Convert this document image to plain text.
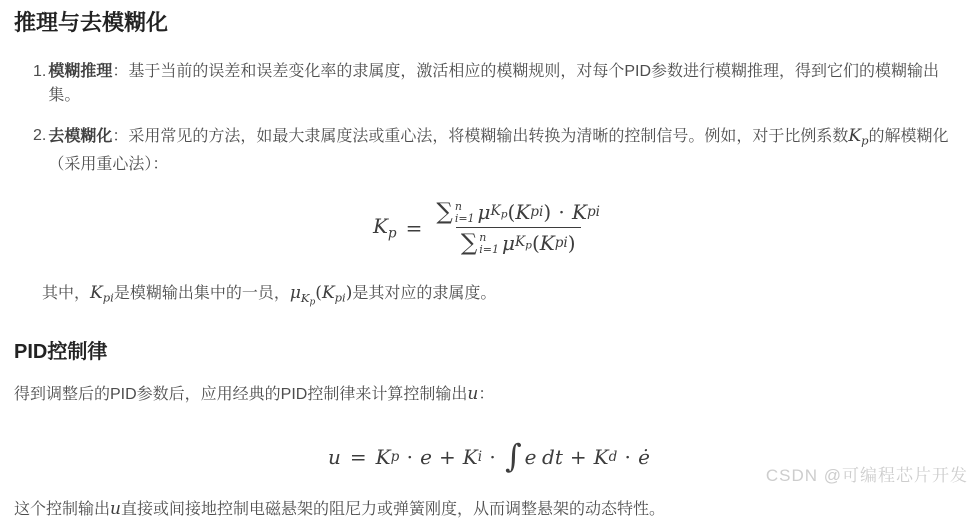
推理与去模糊化
1. 模糊推理：基于当前的误差和误差变化率的隶属度，激活相应的模糊规则，对每个PID参数进行模糊推理，得到它们的模糊输出集。
2. 去模糊化：采用常见的方法，如最大隶属度法或重心法，将模糊输出转换为清晰的控制信号。例如，对于比例系数$K_p$的解模糊化
（采用重心法）：
$K_p$ =
∑ n
i=1 μ Kp ( K pi ) ⋅ K pi
∑ n
i=1 μ Kp ( K pi )

其中，$K_{pi}$是模糊输出集中的一员，$\mu_{Kp}(K_{pi})$是其对应的隶属度。

PID控制律

得到调整后的PID参数后，应用经典的PID控制律来计算控制输出u：

u = K p ⋅ e + K i ⋅ ∫ e
dt + K d ⋅ ė

这个控制输出u直接或间接地控制电磁悬架的阻尼力或弹簧刚度，从而调整悬架的动态特性。

CSDN @可编程芯片开发
